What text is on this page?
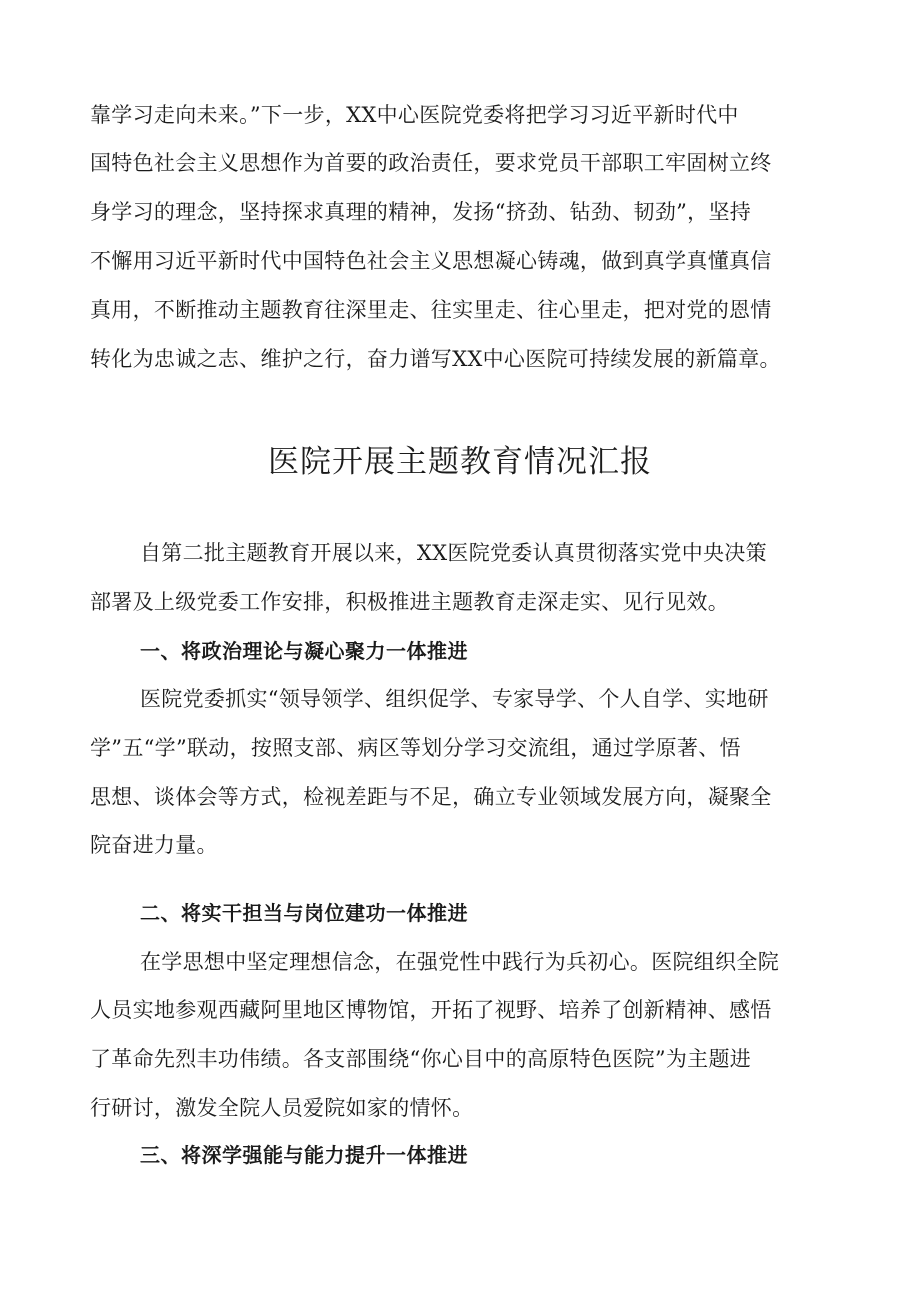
靠学习走向未来。”下一步，XX中心医院党委将把学习习近平新时代中
国特色社会主义思想作为首要的政治责任，要求党员干部职工牢固树立终
身学习的理念，坚持探求真理的精神，发扬“挤劲、钻劲、韧劲”，坚持
不懈用习近平新时代中国特色社会主义思想凝心铸魂，做到真学真懂真信
真用，不断推动主题教育往深里走、往实里走、往心里走，把对党的恩情
转化为忠诚之志、维护之行，奋力谱写XX中心医院可持续发展的新篇章。
医院开展主题教育情况汇报
自第二批主题教育开展以来，XX医院党委认真贯彻落实党中央决策
部署及上级党委工作安排，积极推进主题教育走深走实、见行见效。
一、将政治理论与凝心聚力一体推进
医院党委抓实“领导领学、组织促学、专家导学、个人自学、实地研
学”五“学”联动，按照支部、病区等划分学习交流组，通过学原著、悟
思想、谈体会等方式，检视差距与不足，确立专业领域发展方向，凝聚全
院奋进力量。
二、将实干担当与岗位建功一体推进
在学思想中坚定理想信念，在强党性中践行为兵初心。医院组织全院
人员实地参观西藏阿里地区博物馆，开拓了视野、培养了创新精神、感悟
了革命先烈丰功伟绩。各支部围绕“你心目中的高原特色医院”为主题进
行研讨，激发全院人员爱院如家的情怀。
三、将深学强能与能力提升一体推进
